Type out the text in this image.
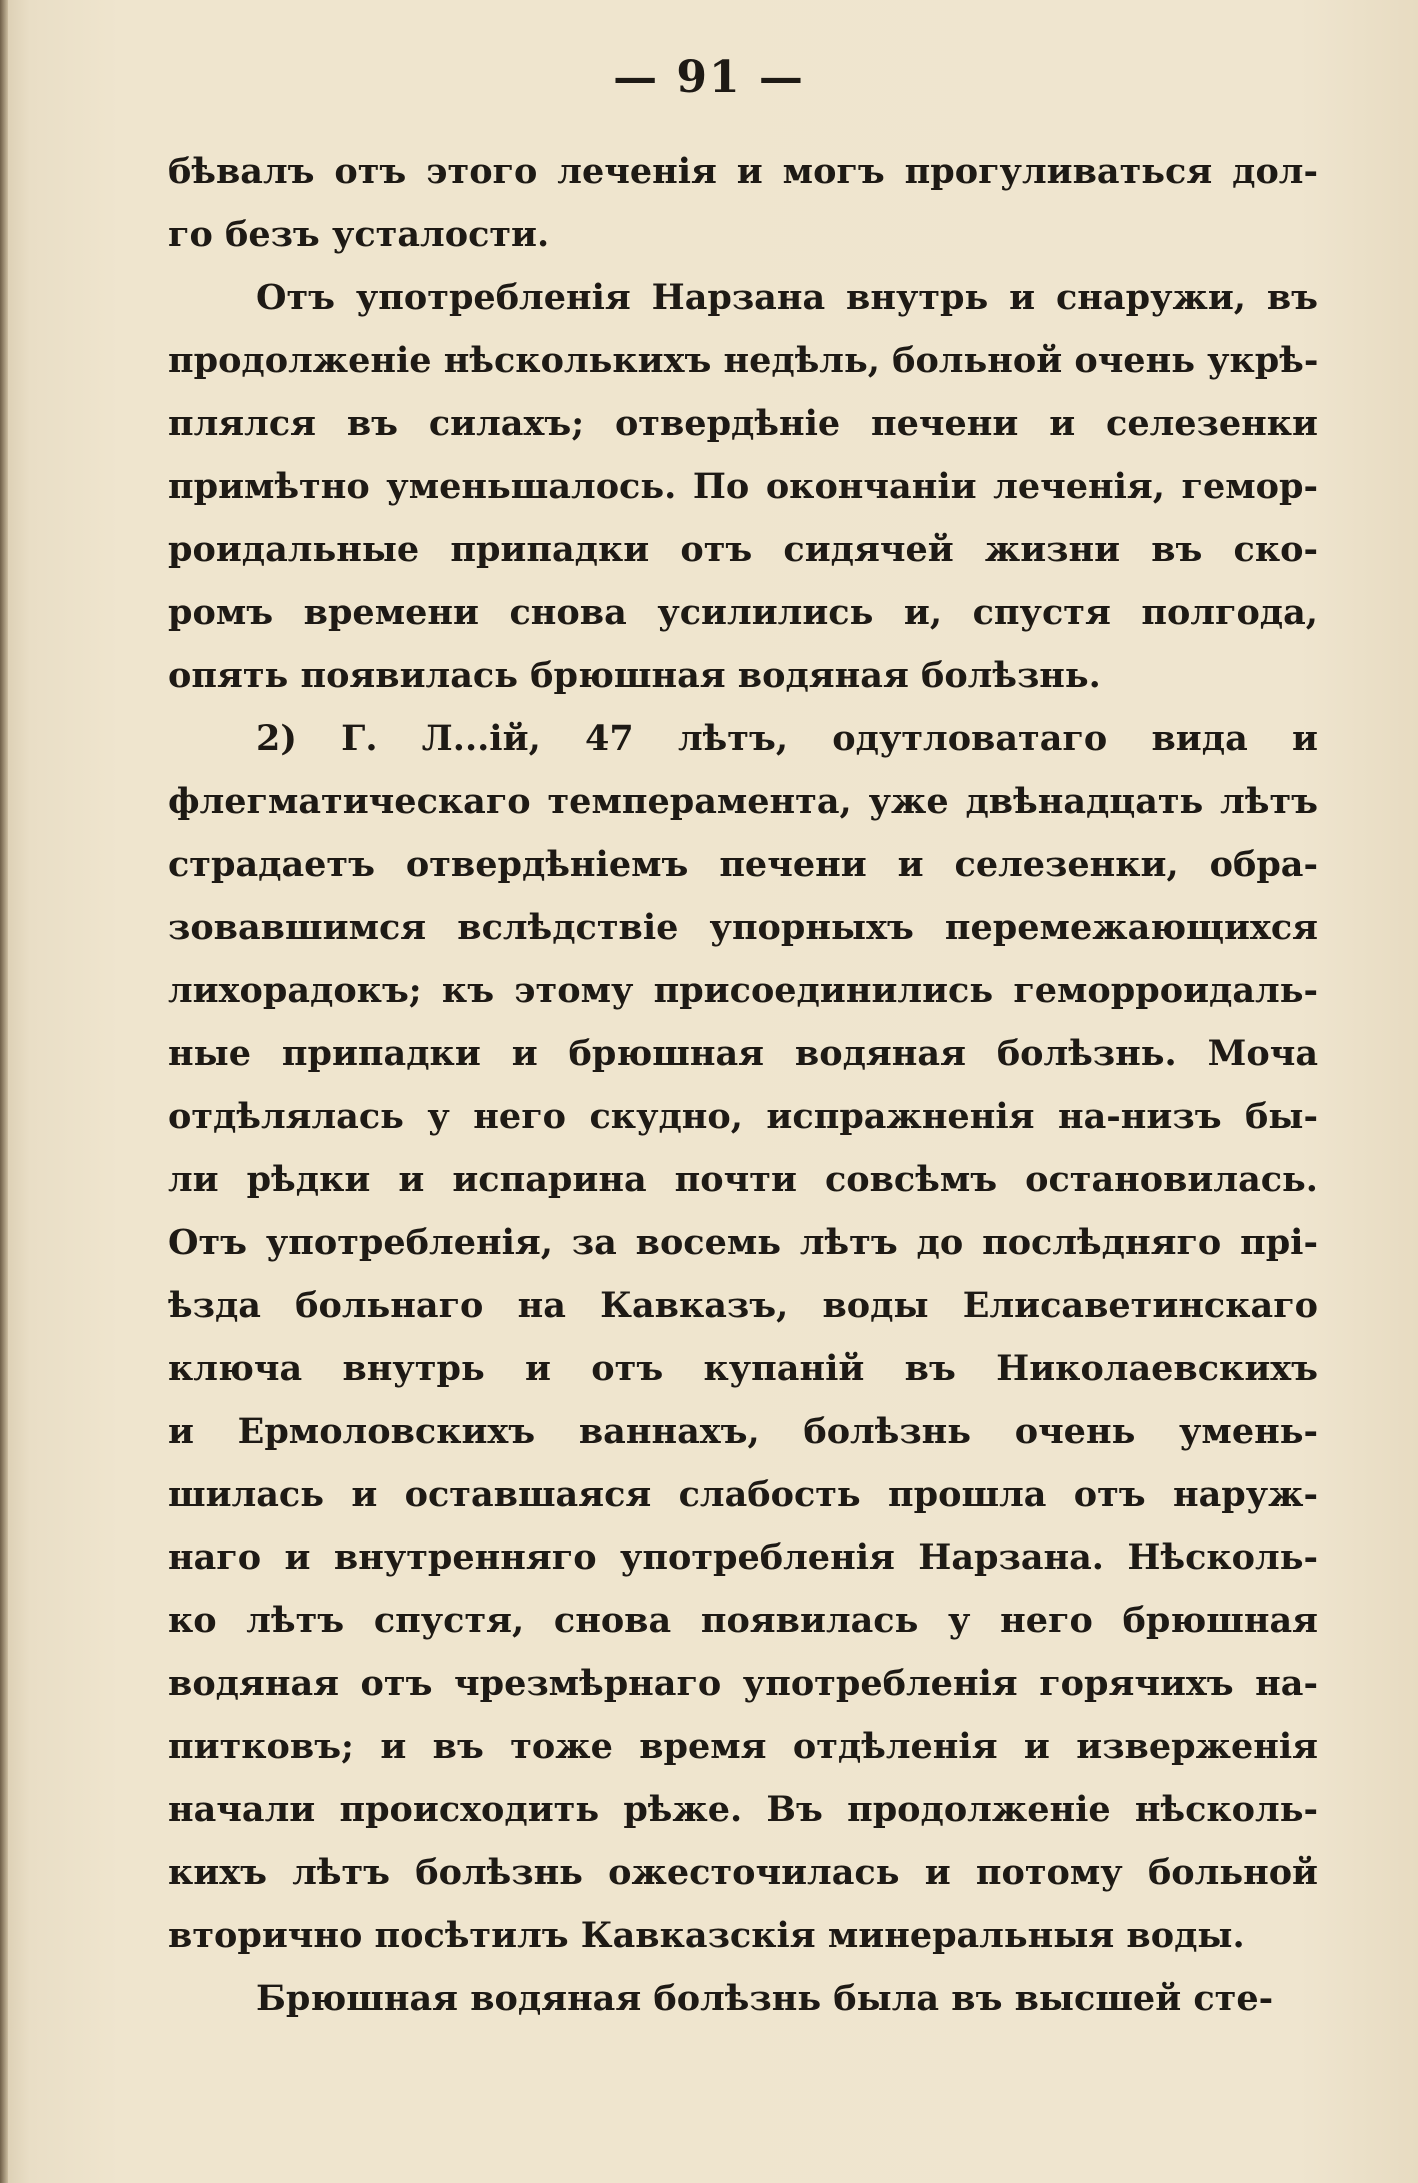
— 91 —
бѣвалъ отъ этого леченія и могъ прогуливаться дол-
го безъ усталости.
Отъ употребленія Нарзана внутрь и снаружи, въ
продолженіе нѣсколькихъ недѣль, больной очень укрѣ-
плялся въ силахъ; отвердѣніе печени и селезенки
примѣтно уменьшалось. По окончаніи леченія, гемор-
роидальные припадки отъ сидячей жизни въ ско-
ромъ времени снова усилились и, спустя полгода,
опять появилась брюшная водяная болѣзнь.
2) Г. Л...ій, 47 лѣтъ, одутловатаго вида и
флегматическаго темперамента, уже двѣнадцать лѣтъ
страдаетъ отвердѣніемъ печени и селезенки, обра-
зовавшимся вслѣдствіе упорныхъ перемежающихся
лихорадокъ; къ этому присоединились геморроидаль-
ные припадки и брюшная водяная болѣзнь. Моча
отдѣлялась у него скудно, испражненія на-низъ бы-
ли рѣдки и испарина почти совсѣмъ остановилась.
Отъ употребленія, за восемь лѣтъ до послѣдняго прі-
ѣзда больнаго на Кавказъ, воды Елисаветинскаго
ключа внутрь и отъ купаній въ Николаевскихъ
и Ермоловскихъ ваннахъ, болѣзнь очень умень-
шилась и оставшаяся слабость прошла отъ наруж-
наго и внутренняго употребленія Нарзана. Нѣсколь-
ко лѣтъ спустя, снова появилась у него брюшная
водяная отъ чрезмѣрнаго употребленія горячихъ на-
питковъ; и въ тоже время отдѣленія и изверженія
начали происходить рѣже. Въ продолженіе нѣсколь-
кихъ лѣтъ болѣзнь ожесточилась и потому больной
вторично посѣтилъ Кавказскія минеральныя воды.
Брюшная водяная болѣзнь была въ высшей сте-
